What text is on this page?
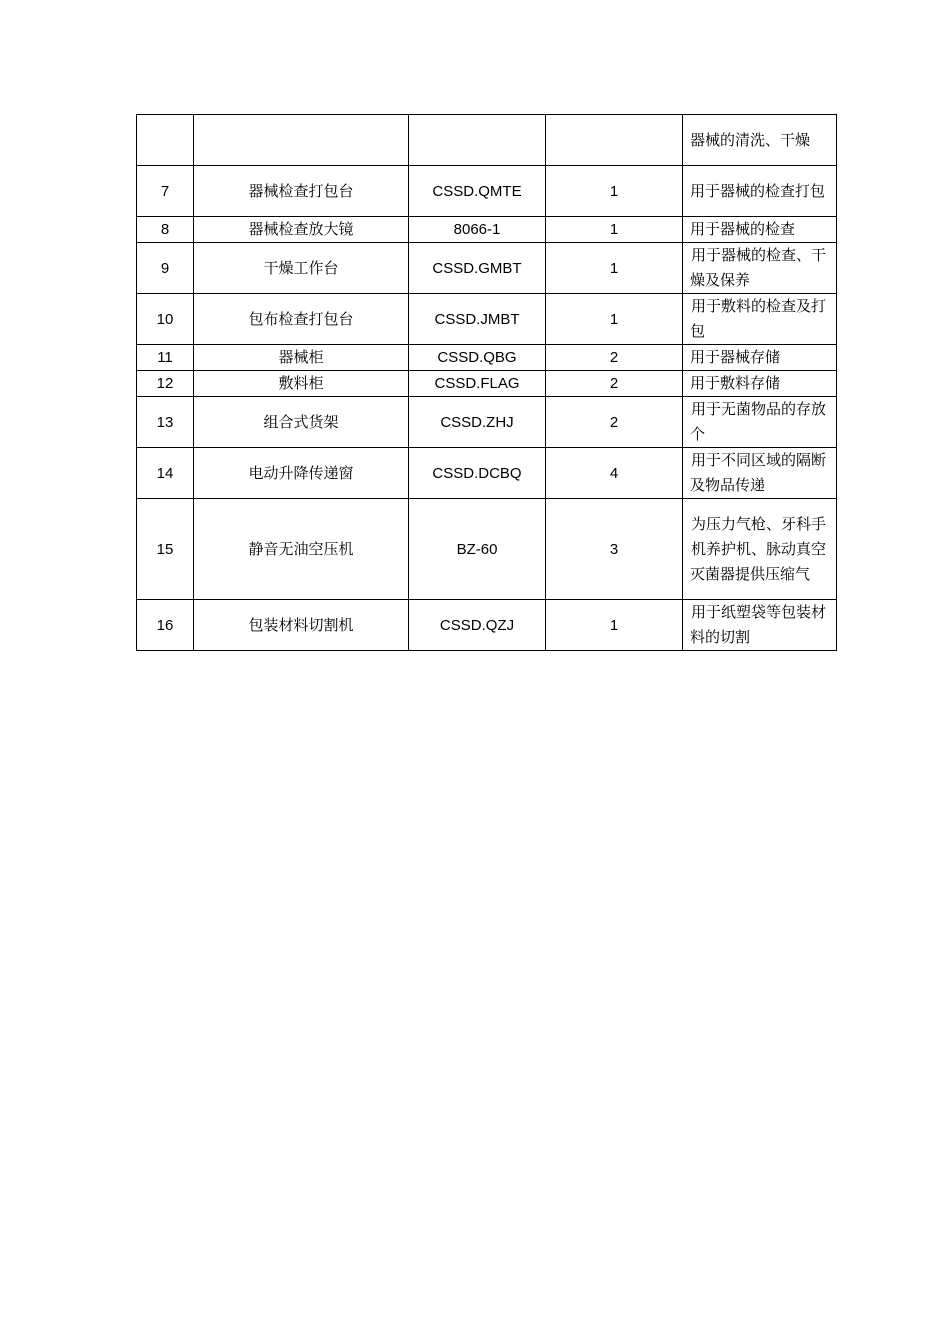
				器械的清洗、干燥
7	器械检查打包台	CSSD.QMTE	1	用于器械的检查打包
8	器械检查放大镜	8066-1	1	用于器械的检查
9	干燥工作台	CSSD.GMBT	1	用于器械的检查、干燥及保养
10	包布检查打包台	CSSD.JMBT	1	用于敷料的检查及打包
11	器械柜	CSSD.QBG	2	用于器械存储
12	敷料柜	CSSD.FLAG	2	用于敷料存储
13	组合式货架	CSSD.ZHJ	2	用于无菌物品的存放个
14	电动升降传递窗	CSSD.DCBQ	4	用于不同区域的隔断及物品传递
15	静音无油空压机	BZ-60	3	为压力气枪、牙科手机养护机、脉动真空灭菌器提供压缩气
16	包装材料切割机	CSSD.QZJ	1	用于纸塑袋等包装材料的切割
